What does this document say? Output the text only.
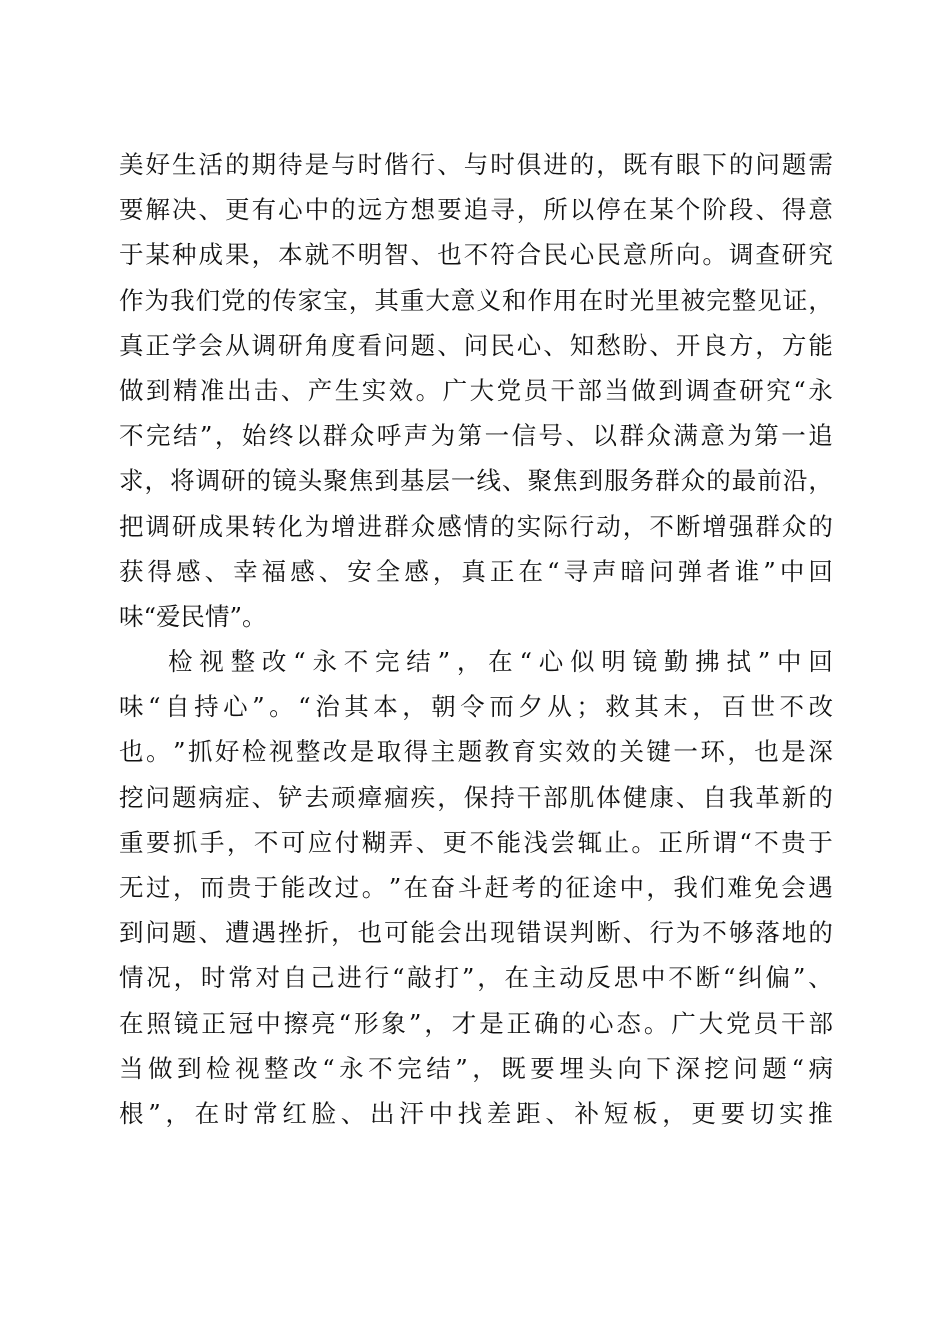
美 好 生 活 的 期 待 是 与 时 偕 行 、 与 时 俱 进 的 ， 既 有 眼 下 的 问 题 需
要 解 决 、 更 有 心 中 的 远 方 想 要 追 寻 ， 所 以 停 在 某 个 阶 段 、 得 意
于 某 种 成 果 ， 本 就 不 明 智 、 也 不 符 合 民 心 民 意 所 向 。 调 查 研 究
作 为 我 们 党 的 传 家 宝 ， 其 重 大 意 义 和 作 用 在 时 光 里 被 完 整 见 证 ，
真 正 学 会 从 调 研 角 度 看 问 题 、 问 民 心 、 知 愁 盼 、 开 良 方 ， 方 能
做 到 精 准 出 击 、 产 生 实 效 。 广 大 党 员 干 部 当 做 到 调 查 研 究 “ 永
不 完 结 ” ， 始 终 以 群 众 呼 声 为 第 一 信 号 、 以 群 众 满 意 为 第 一 追
求 ， 将 调 研 的 镜 头 聚 焦 到 基 层 一 线 、 聚 焦 到 服 务 群 众 的 最 前 沿 ，
把 调 研 成 果 转 化 为 增 进 群 众 感 情 的 实 际 行 动 ， 不 断 增 强 群 众 的
获 得 感 、 幸 福 感 、 安 全 感 ， 真 正 在 “ 寻 声 暗 问 弹 者 谁 ” 中 回
味“爱民情”。
检 视 整 改 “ 永 不 完 结 ” ， 在 “ 心 似 明 镜 勤 拂 拭 ” 中 回
味 “ 自 持 心 ” 。 “ 治 其 本 ， 朝 令 而 夕 从 ； 救 其 末 ， 百 世 不 改
也 。 ” 抓 好 检 视 整 改 是 取 得 主 题 教 育 实 效 的 关 键 一 环 ， 也 是 深
挖 问 题 病 症 、 铲 去 顽 瘴 痼 疾 ， 保 持 干 部 肌 体 健 康 、 自 我 革 新 的
重 要 抓 手 ， 不 可 应 付 糊 弄 、 更 不 能 浅 尝 辄 止 。 正 所 谓 “ 不 贵 于
无 过 ， 而 贵 于 能 改 过 。 ” 在 奋 斗 赶 考 的 征 途 中 ， 我 们 难 免 会 遇
到 问 题 、 遭 遇 挫 折 ， 也 可 能 会 出 现 错 误 判 断 、 行 为 不 够 落 地 的
情 况 ， 时 常 对 自 己 进 行 “ 敲 打 ” ， 在 主 动 反 思 中 不 断 “ 纠 偏 ” 、
在 照 镜 正 冠 中 擦 亮 “ 形 象 ” ， 才 是 正 确 的 心 态 。 广 大 党 员 干 部
当 做 到 检 视 整 改 “ 永 不 完 结 ” ， 既 要 埋 头 向 下 深 挖 问 题 “ 病
根 ” ， 在 时 常 红 脸 、 出 汗 中 找 差 距 、 补 短 板 ， 更 要 切 实 推
